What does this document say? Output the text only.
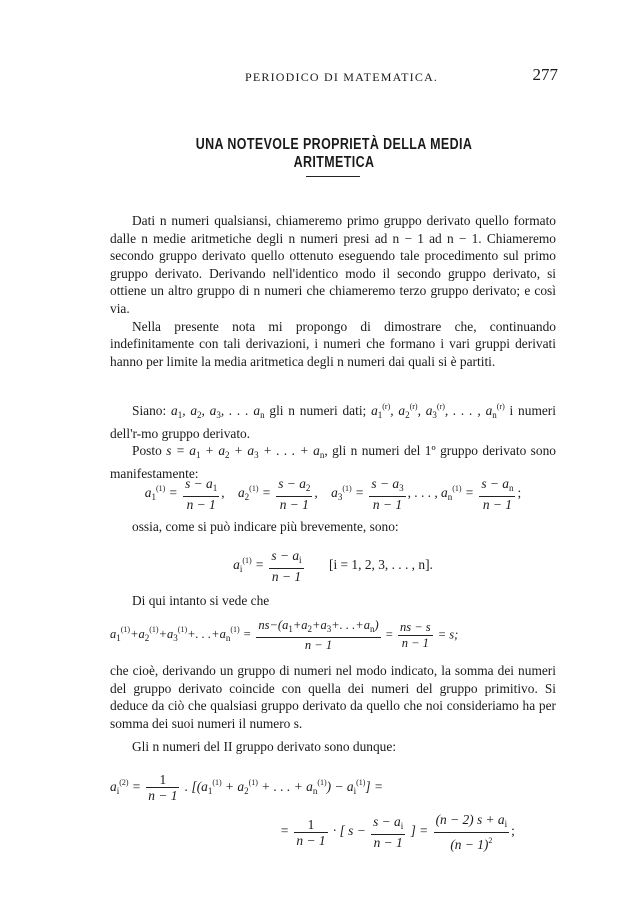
PERIODICO DI MATEMATICA.	277
UNA NOTEVOLE PROPRIETÀ DELLA MEDIA ARITMETICA

Dati n numeri qualsiansi, chiameremo primo gruppo derivato quello formato dalle n medie aritmetiche degli n numeri presi ad n − 1 ad n − 1. Chiameremo secondo gruppo derivato quello ottenuto eseguendo tale procedimento sul primo gruppo derivato. Derivando nell'identico modo il secondo gruppo derivato, si ottiene un altro gruppo di n numeri che chiameremo terzo gruppo derivato; e così via.

Nella presente nota mi propongo di dimostrare che, continuando indefinitamente con tali derivazioni, i numeri che formano i vari gruppi derivati hanno per limite la media aritmetica degli n numeri dai quali si è partiti.

Siano: $a_1$, $a_2$, $a_3$, . . . $a_n$ gli n numeri dati; $a_1^{(r)}$, $a_2^{(r)}$, $a_3^{(r)}$, . . . , $a_n^{(r)}$ i numeri dell'r-mo gruppo derivato.

Posto $s = a_1 + a_2 + a_3$ + . . . + $a_n$, gli n numeri del 1º gruppo derivato sono manifestamente:

$a_1^{(1)} = \frac{s - a_1}{n - 1}$ ,    $a_2^{(1)} = \frac{s - a_2}{n - 1}$ ,    $a_3^{(1)} = \frac{s - a_3}{n - 1}$ , . . . , $a_n^{(1)} = \frac{s - a_n}{n - 1}$ ;

ossia, come si può indicare più brevemente, sono:

$a_i^{(1)} = \frac{s - a_i}{n - 1} [i = 1$, 2, 3, . . . , n].

Di qui intanto si vede che

$a_1^{(1)}+a_2^{(1)}+a_3^{(1)}+$. . $.+a_n^{(1)} = \frac{ns-(a_1+a_2+a_3+. . .+a_n)}{n - 1} = \frac{ns - s}{n - 1} = s$;

che cioè, derivando un gruppo di numeri nel modo indicato, la somma dei numeri del gruppo derivato coincide con quella dei numeri del gruppo primitivo. Si deduce da ciò che qualsiasi gruppo derivato da quello che noi consideriamo ha per somma dei suoi numeri il numero s.

Gli n numeri del II gruppo derivato sono dunque:

$a_i^{(2)} = \frac{1}{n - 1}$ . [($a_1^{(1)} + a_2^{(1)}$ + . . . + $a_n^{(1)}) - a_i^{(1)}$] =
= $\frac{1}{n - 1}$ · [ $s - \frac{s - a_i}{n - 1}$ ] = $\frac{(n - 2) s + a_i}{(n - 1)^2}$ ;
